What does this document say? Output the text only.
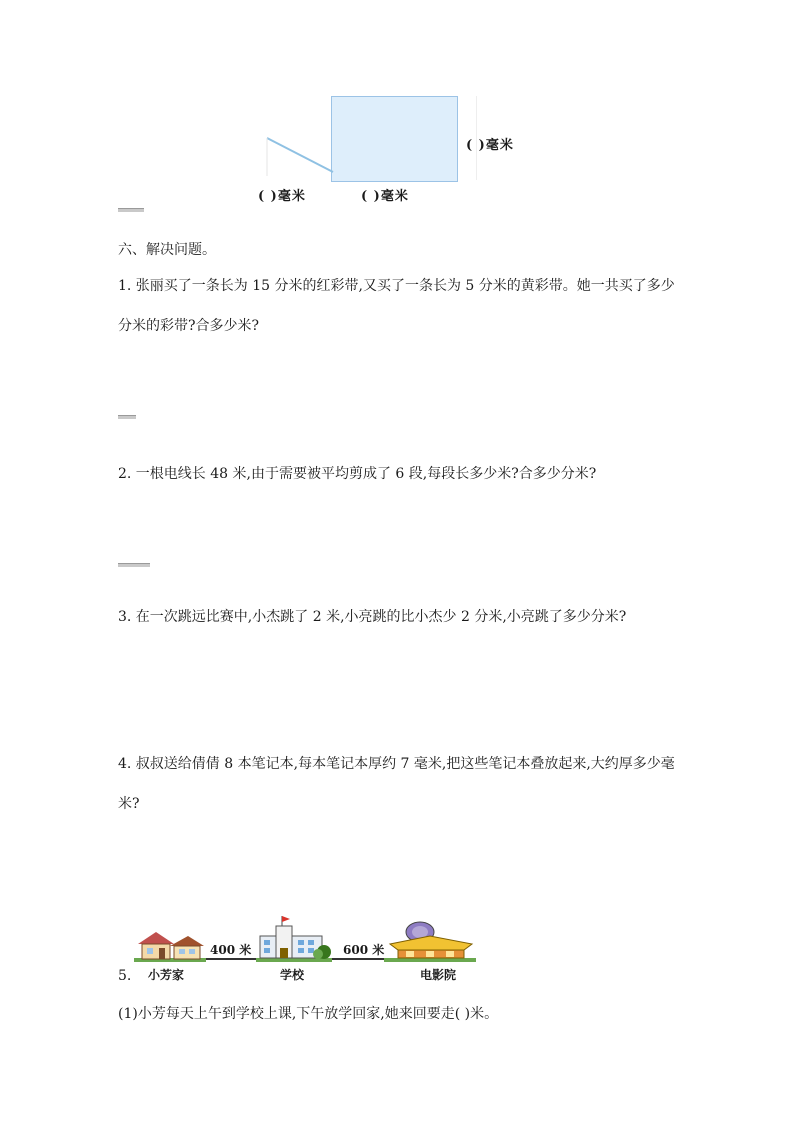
( )毫米
( )毫米	( )毫米
六、解决问题。
1. 张丽买了一条长为 15 分米的红彩带,又买了一条长为 5 分米的黄彩带。她一共买了多少
分米的彩带?合多少米?
2. 一根电线长 48 米,由于需要被平均剪成了 6 段,每段长多少米?合多少分米?
3. 在一次跳远比赛中,小杰跳了 2 米,小亮跳的比小杰少 2 分米,小亮跳了多少分米?
4. 叔叔送给倩倩 8 本笔记本,每本笔记本厚约 7 毫米,把这些笔记本叠放起来,大约厚多少毫
米?
5.
400 米	600 米
小芳家	学校	电影院
(1)小芳每天上午到学校上课,下午放学回家,她来回要走( )米。
